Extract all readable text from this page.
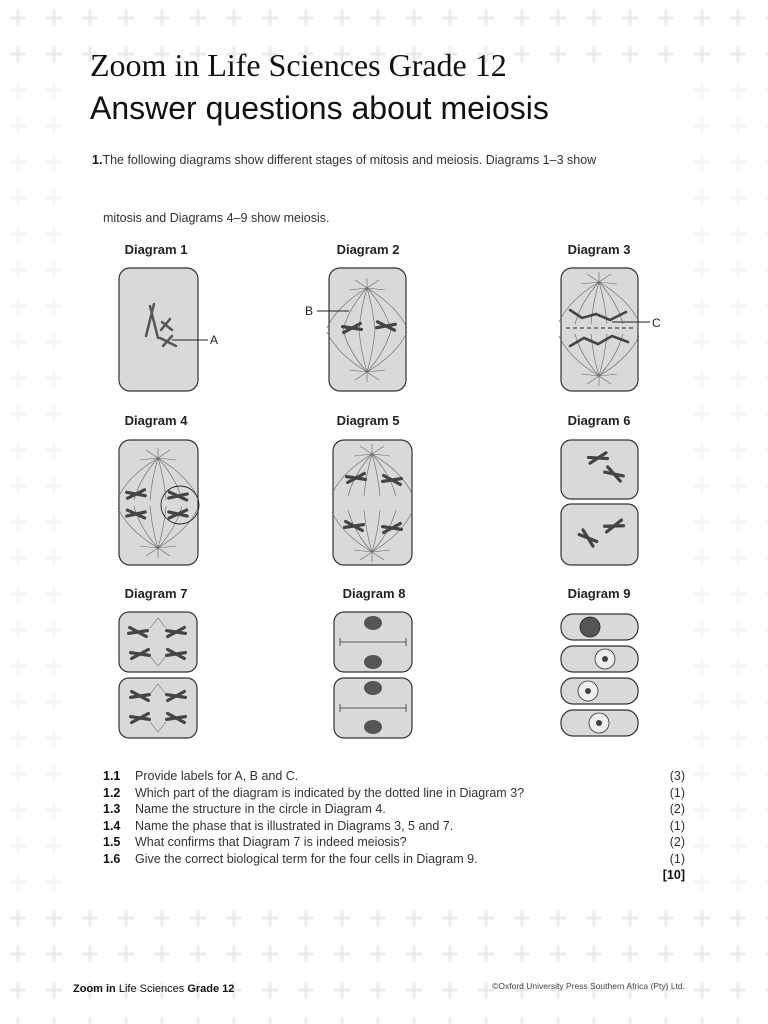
Zoom in Life Sciences Grade 12
Answer questions about meiosis
1.The following diagrams show different stages of mitosis and meiosis. Diagrams 1–3 show
mitosis and Diagrams 4–9 show meiosis.
Diagram 1	Diagram 2	Diagram 3
Diagram 4	Diagram 5	Diagram 6
Diagram 7	Diagram 8	Diagram 9
A
B
C
1.1 Provide labels for A, B and C.	(3)
1.2 Which part of the diagram is indicated by the dotted line in Diagram 3?	(1)
1.3 Name the structure in the circle in Diagram 4.	(2)
1.4 Name the phase that is illustrated in Diagrams 3, 5 and 7.	(1)
1.5 What confirms that Diagram 7 is indeed meiosis?	(2)
1.6 Give the correct biological term for the four cells in Diagram 9.	(1)
[10]
Zoom in Life Sciences Grade 12	©Oxford University Press Southern Africa (Pty) Ltd.
